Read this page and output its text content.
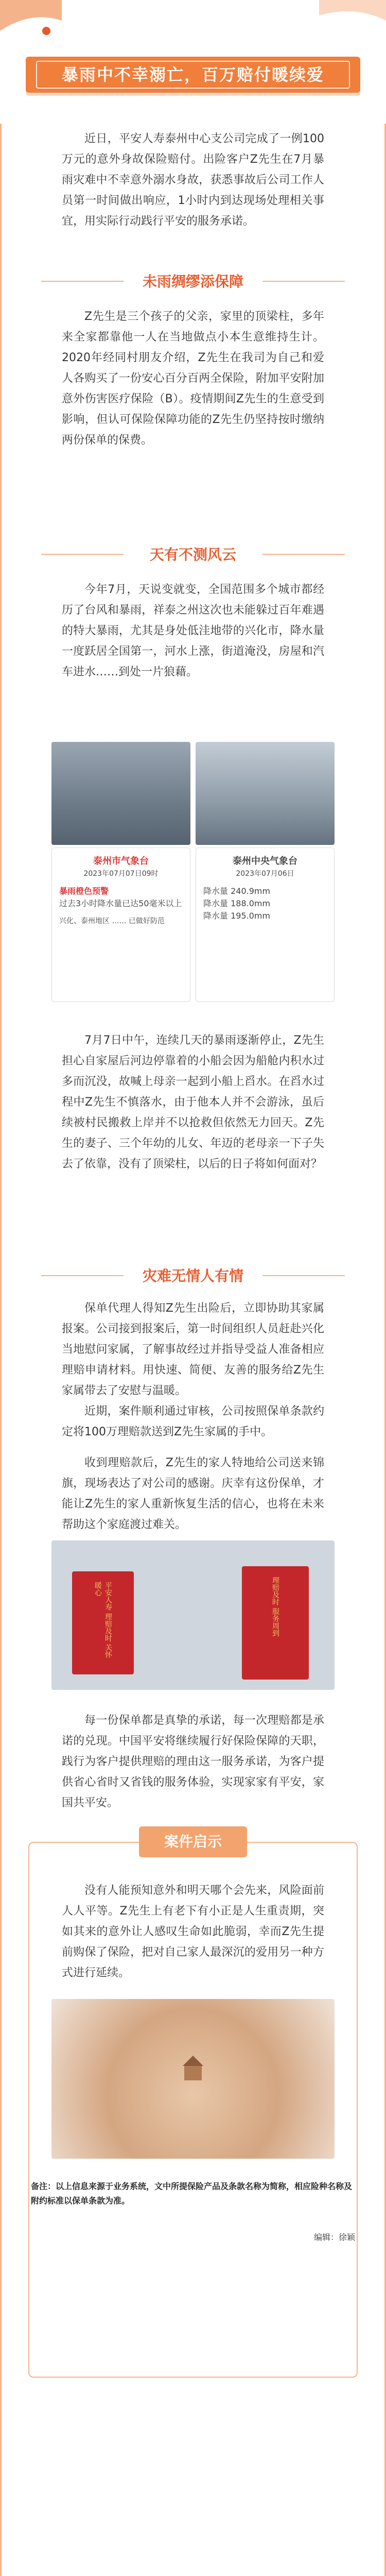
暴雨中不幸溺亡，百万赔付暖续爱
近日，平安人寿泰州中心支公司完成了一例100万元的意外身故保险赔付。出险客户Z先生在7月暴雨灾难中不幸意外溺水身故，获悉事故后公司工作人员第一时间做出响应，1小时内到达现场处理相关事宜，用实际行动践行平安的服务承诺。
未雨绸缪添保障
Z先生是三个孩子的父亲，家里的顶梁柱，多年来全家都靠他一人在当地做点小本生意维持生计。2020年经同村朋友介绍，Z先生在我司为自己和爱人各购买了一份安心百分百两全保险，附加平安附加意外伤害医疗保险（B）。疫情期间Z先生的生意受到影响，但认可保险保障功能的Z先生仍坚持按时缴纳两份保单的保费。
天有不测风云
今年7月，天说变就变，全国范围多个城市都经历了台风和暴雨，祥泰之州这次也未能躲过百年难遇的特大暴雨，尤其是身处低洼地带的兴化市，降水量一度跃居全国第一，河水上涨，街道淹没，房屋和汽车进水……到处一片狼藉。
泰州市气象台
2023年07月07日09时
暴雨橙色预警
过去3小时降水量已达50毫米以上
兴化、泰州地区 …… 已做好防范
泰州中央气象台
2023年07月06日
降水量 240.9mm
降水量 188.0mm
降水量 195.0mm
7月7日中午，连续几天的暴雨逐渐停止，Z先生担心自家屋后河边停靠着的小船会因为船舱内积水过多而沉没，故喊上母亲一起到小船上舀水。在舀水过程中Z先生不慎落水，由于他本人并不会游泳，虽后续被村民搬救上岸并不以抢救但依然无力回天。Z先生的妻子、三个年幼的儿女、年迈的老母亲一下子失去了依靠，没有了顶梁柱，以后的日子将如何面对？
灾难无情人有情
保单代理人得知Z先生出险后，立即协助其家属报案。公司接到报案后，第一时间组织人员赶赴兴化当地慰问家属，了解事故经过并指导受益人准备相应理赔申请材料。用快速、简便、友善的服务给Z先生家属带去了安慰与温暖。
近期，案件顺利通过审核，公司按照保单条款约定将100万理赔款送到Z先生家属的手中。
收到理赔款后，Z先生的家人特地给公司送来锦旗，现场表达了对公司的感谢。庆幸有这份保单，才能让Z先生的家人重新恢复生活的信心，也将在未来帮助这个家庭渡过难关。
平安人寿 理赔及时 关怀暖心	理赔及时 服务周到
每一份保单都是真挚的承诺，每一次理赔都是承诺的兑现。中国平安将继续履行好保险保障的天职，践行为客户提供理赔的理由这一服务承诺，为客户提供省心省时又省钱的服务体验，实现家家有平安，家国共平安。
案件启示
没有人能预知意外和明天哪个会先来，风险面前人人平等。Z先生上有老下有小正是人生重责期，突如其来的意外让人感叹生命如此脆弱，幸而Z先生提前购保了保险，把对自己家人最深沉的爱用另一种方式进行延续。
备注：以上信息来源于业务系统，文中所提保险产品及条款名称为简称，相应险种名称及附约标准以保单条款为准。
编辑：徐颖
